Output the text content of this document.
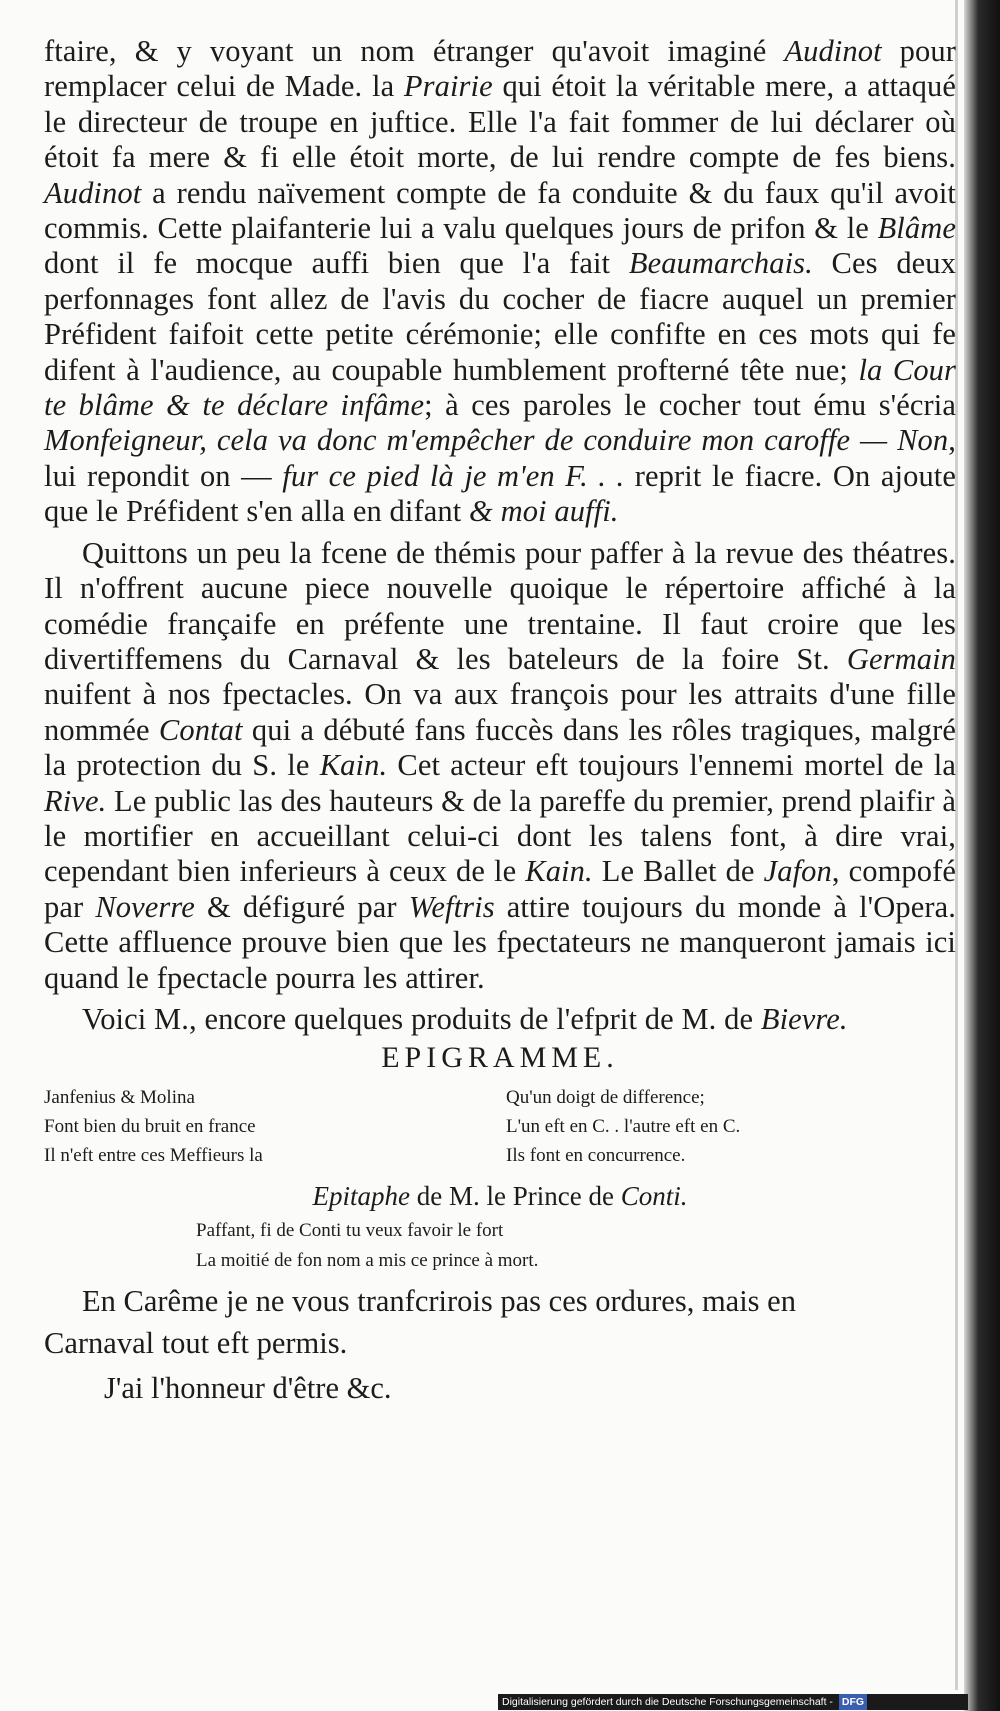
ftaire, & y voyant un nom étranger qu'avoit imaginé Audinot pour remplacer celui de Made. la Prairie qui étoit la véritable mere, a attaqué le directeur de troupe en juftice. Elle l'a fait fommer de lui déclarer où étoit fa mere & fi elle étoit morte, de lui rendre compte de fes biens. Audinot a rendu naïvement compte de fa conduite & du faux qu'il avoit commis. Cette plaifanterie lui a valu quelques jours de prifon & le Blâme dont il fe mocque auffi bien que l'a fait Beaumarchais. Ces deux perfonnages font allez de l'avis du cocher de fiacre auquel un premier Préfident faifoit cette petite cérémonie; elle confifte en ces mots qui fe difent à l'audience, au coupable humblement profterné tête nue; la Cour te blâme & te déclare infâme; à ces paroles le cocher tout ému s'écria Monfeigneur, cela va donc m'empêcher de conduire mon caroffe — Non, lui repondit on — fur ce pied là je m'en F. . . reprit le fiacre. On ajoute que le Préfident s'en alla en difant & moi auffi.

Quittons un peu la fcene de thémis pour paffer à la revue des théatres. Il n'offrent aucune piece nouvelle quoique le répertoire affiché à la comédie françaife en préfente une trentaine. Il faut croire que les divertiffemens du Carnaval & les bateleurs de la foire St. Germain nuifent à nos fpectacles. On va aux françois pour les attraits d'une fille nommée Contat qui a débuté fans fuccès dans les rôles tragiques, malgré la protection du S. le Kain. Cet acteur eft toujours l'ennemi mortel de la Rive. Le public las des hauteurs & de la pareffe du premier, prend plaifir à le mortifier en accueillant celui-ci dont les talens font, à dire vrai, cependant bien inferieurs à ceux de le Kain. Le Ballet de Jafon, compofé par Noverre & défiguré par Weftris attire toujours du monde à l'Opera. Cette affluence prouve bien que les fpectateurs ne manqueront jamais ici quand le fpectacle pourra les attirer.

Voici M., encore quelques produits de l'efprit de M. de Bievre.

EPIGRAMME.

Janfenius & Molina
Font bien du bruit en france
Il n'eft entre ces Meffieurs la
Qu'un doigt de difference;
L'un eft en C. . l'autre eft en C.
Ils font en concurrence.

Epitaphe de M. le Prince de Conti.

Paffant, fi de Conti tu veux favoir le fort
La moitié de fon nom a mis ce prince à mort.

En Carême je ne vous tranfcrirois pas ces ordures, mais en

Carnaval tout eft permis.

J'ai l'honneur d'être &c.

Digitalisierung gefördert durch die Deutsche Forschungsgemeinschaft - DFG
